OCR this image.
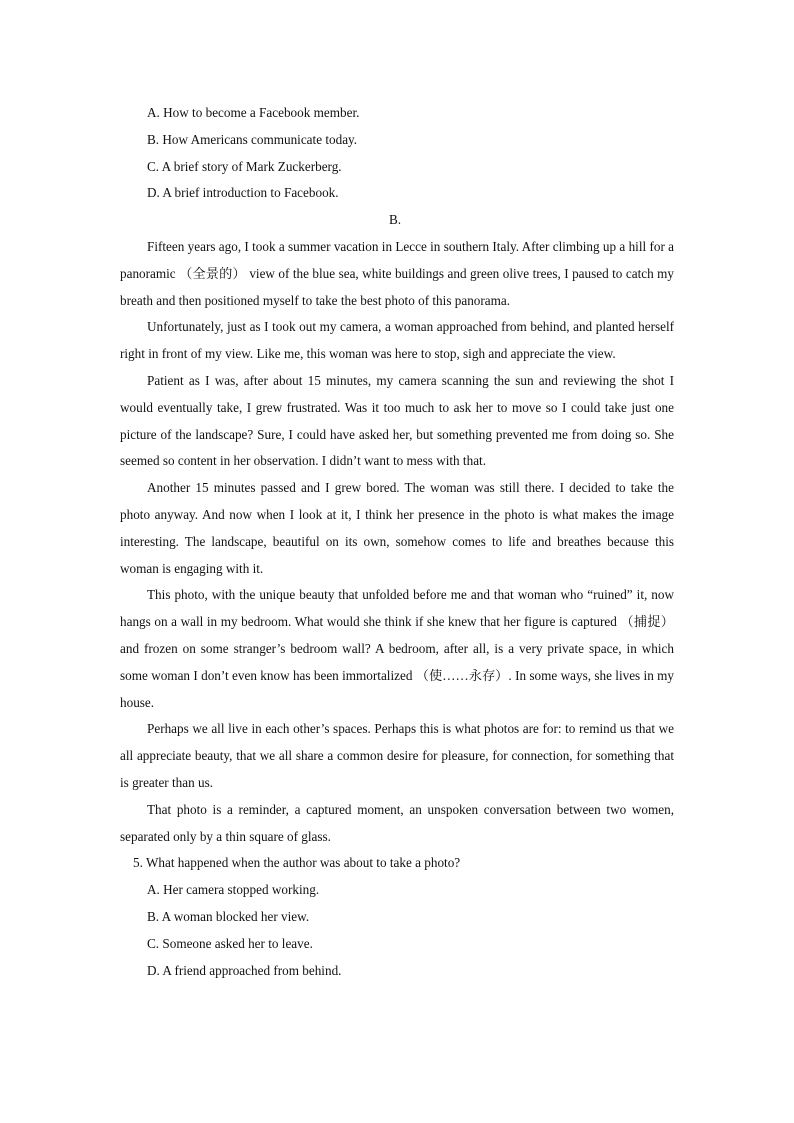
A. How to become a Facebook member.

B. How Americans communicate today.

C. A brief story of Mark Zuckerberg.

D. A brief introduction to Facebook.

B.

Fifteen years ago, I took a summer vacation in Lecce in southern Italy. After climbing up a hill for a panoramic （全景的） view of the blue sea, white buildings and green olive trees, I paused to catch my breath and then positioned myself to take the best photo of this panorama.

Unfortunately, just as I took out my camera, a woman approached from behind, and planted herself right in front of my view. Like me, this woman was here to stop, sigh and appreciate the view.

Patient as I was, after about 15 minutes, my camera scanning the sun and reviewing the shot I would eventually take, I grew frustrated. Was it too much to ask her to move so I could take just one picture of the landscape? Sure, I could have asked her, but something prevented me from doing so. She seemed so content in her observation. I didn’t want to mess with that.

Another 15 minutes passed and I grew bored. The woman was still there. I decided to take the photo anyway. And now when I look at it, I think her presence in the photo is what makes the image interesting. The landscape, beautiful on its own, somehow comes to life and breathes because this woman is engaging with it.

This photo, with the unique beauty that unfolded before me and that woman who “ruined” it, now hangs on a wall in my bedroom. What would she think if she knew that her figure is captured （捕捉） and frozen on some stranger’s bedroom wall? A bedroom, after all, is a very private space, in which some woman I don’t even know has been immortalized （使……永存）. In some ways, she lives in my house.

Perhaps we all live in each other’s spaces. Perhaps this is what photos are for: to remind us that we all appreciate beauty, that we all share a common desire for pleasure, for connection, for something that is greater than us.

That photo is a reminder, a captured moment, an unspoken conversation between two women, separated only by a thin square of glass.

5. What happened when the author was about to take a photo?

A. Her camera stopped working.

B. A woman blocked her view.

C. Someone asked her to leave.

D. A friend approached from behind.
